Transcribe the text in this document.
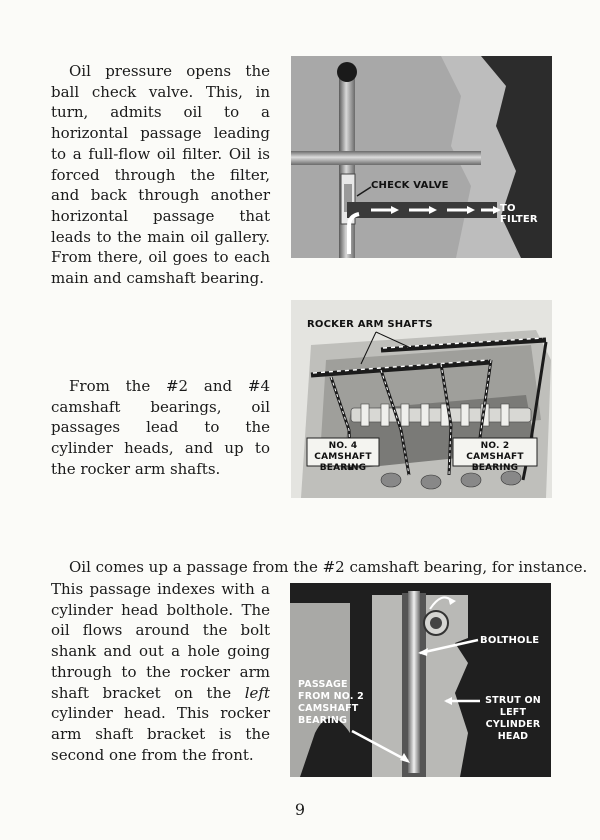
Oil pressure opens the ball check valve. This, in turn, admits oil to a horizontal passage leading to a full-flow oil filter. Oil is forced through the filter, and back through another horizontal passage that leads to the main oil gallery. From there, oil goes to each main and camshaft bearing.

CHECK VALVE
TO FILTER

From the #2 and #4 camshaft bearings, oil passages lead to the cylinder heads, and up to the rocker arm shafts.

ROCKER ARM SHAFTS
NO. 4 CAMSHAFT
BEARING
NO. 2 CAMSHAFT
BEARING

Oil comes up a passage from the #2 camshaft bearing, for instance.

This passage indexes with a cylinder head bolthole. The oil flows around the bolt shank and out a hole going through to the rocker arm shaft bracket on the left cylinder head. This rocker arm shaft bracket is the second one from the front.

BOLTHOLE
PASSAGE
FROM NO. 2
CAMSHAFT
BEARING
STRUT ON
LEFT CYLINDER
HEAD
9
